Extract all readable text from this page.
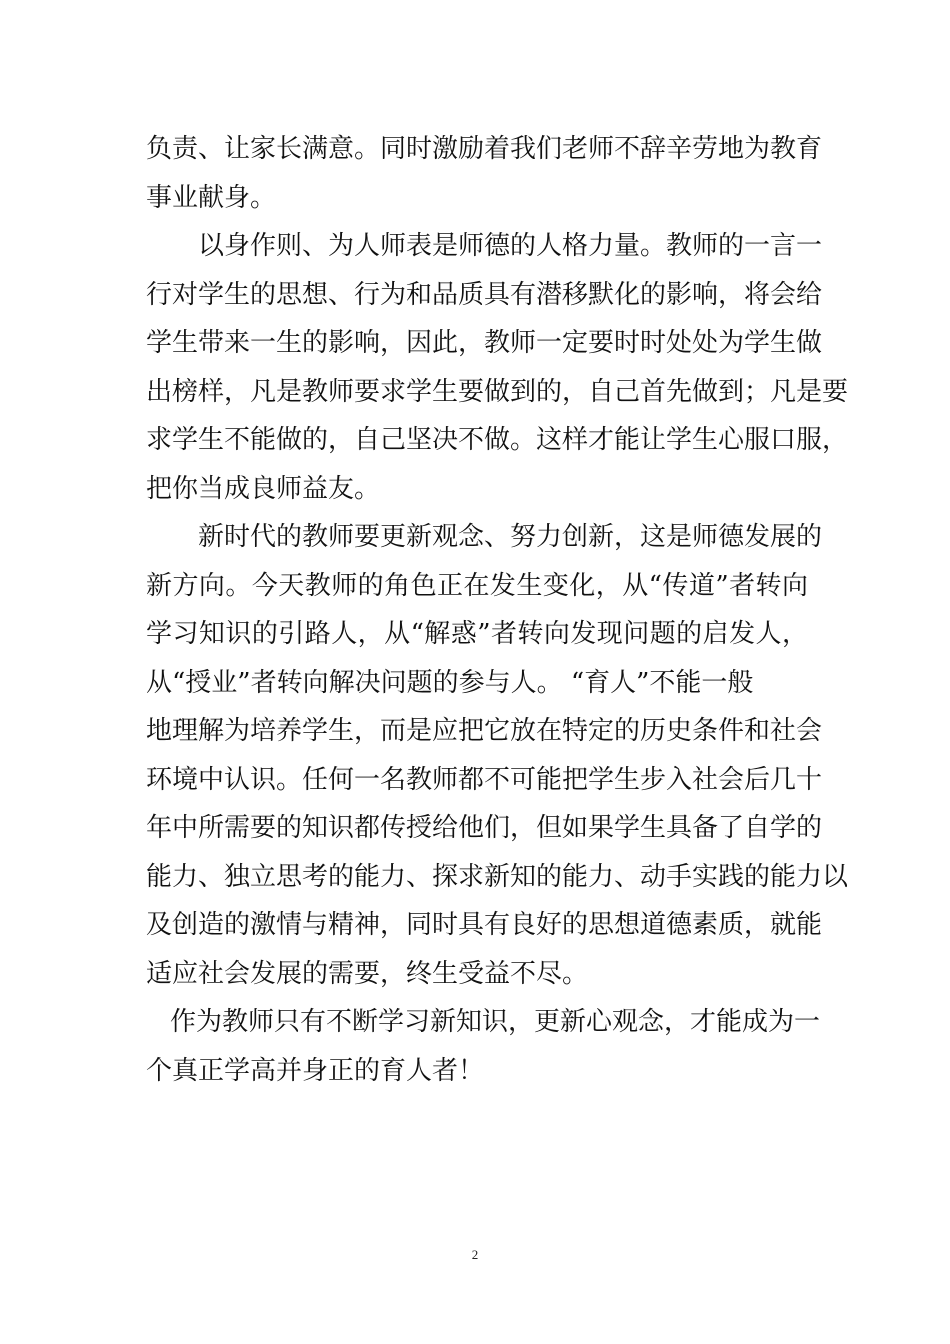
负责、让家长满意。同时激励着我们老师不辞辛劳地为教育
事业献身。
以身作则、为人师表是师德的人格力量。教师的一言一
行对学生的思想、行为和品质具有潜移默化的影响，将会给
学生带来一生的影响，因此，教师一定要时时处处为学生做
出榜样，凡是教师要求学生要做到的，自己首先做到；凡是要
求学生不能做的，自己坚决不做。这样才能让学生心服口服，
把你当成良师益友。
新时代的教师要更新观念、努力创新，这是师德发展的
新方向。今天教师的角色正在发生变化，从“传道”者转向
学习知识的引路人，从“解惑”者转向发现问题的启发人，
从“授业”者转向解决问题的参与人。 “育人”不能一般
地理解为培养学生，而是应把它放在特定的历史条件和社会
环境中认识。任何一名教师都不可能把学生步入社会后几十
年中所需要的知识都传授给他们，但如果学生具备了自学的
能力、独立思考的能力、探求新知的能力、动手实践的能力以
及创造的激情与精神，同时具有良好的思想道德素质，就能
适应社会发展的需要，终生受益不尽。
作为教师只有不断学习新知识，更新心观念，才能成为一
个真正学高并身正的育人者！
2
